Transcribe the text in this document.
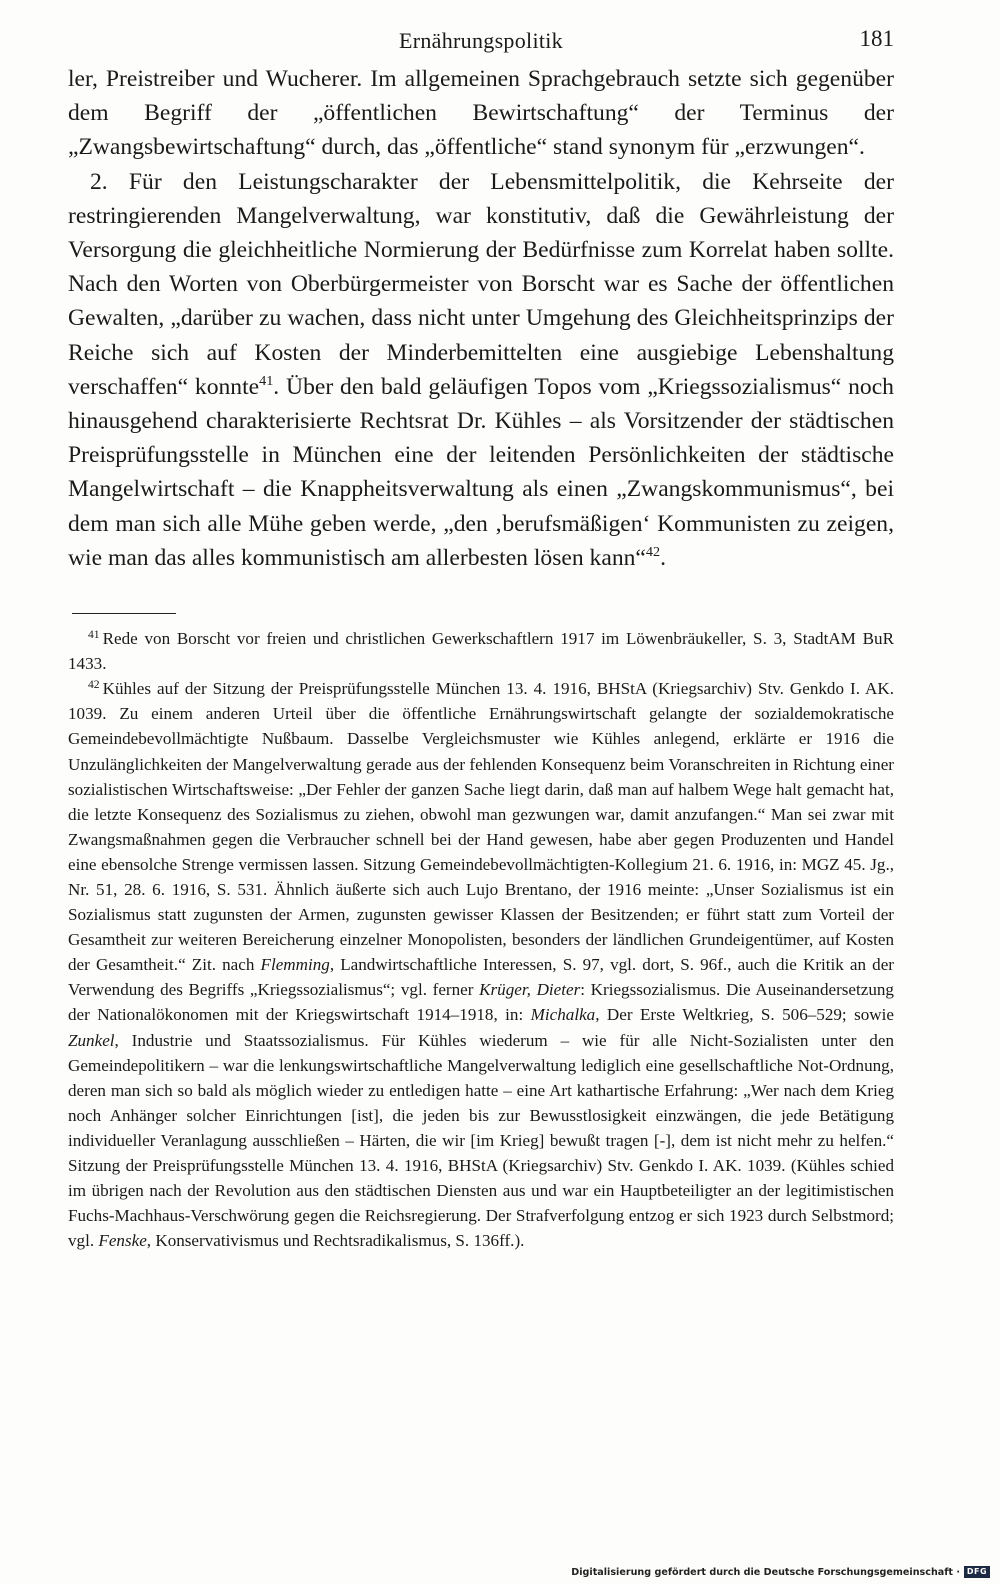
Ernährungspolitik	181

ler, Preistreiber und Wucherer. Im allgemeinen Sprachgebrauch setzte sich gegenüber dem Begriff der „öffentlichen Bewirtschaftung“ der Terminus der „Zwangsbewirtschaftung“ durch, das „öffentliche“ stand synonym für „erzwungen“.

2. Für den Leistungscharakter der Lebensmittelpolitik, die Kehrseite der restringierenden Mangelverwaltung, war konstitutiv, daß die Gewährleistung der Versorgung die gleichheitliche Normierung der Bedürfnisse zum Korrelat haben sollte. Nach den Worten von Oberbürgermeister von Borscht war es Sache der öffentlichen Gewalten, „darüber zu wachen, dass nicht unter Umgehung des Gleichheitsprinzips der Reiche sich auf Kosten der Minderbemittelten eine ausgiebige Lebenshaltung verschaffen“ konnte$^{41}$. Über den bald geläufigen Topos vom „Kriegssozialismus“ noch hinausgehend charakterisierte Rechtsrat Dr. Kühles – als Vorsitzender der städtischen Preisprüfungsstelle in München eine der leitenden Persönlichkeiten der städtische Mangelwirtschaft – die Knappheitsverwaltung als einen „Zwangskommunismus“, bei dem man sich alle Mühe geben werde, „den ‚berufsmäßigen‘ Kommunisten zu zeigen, wie man das alles kommunistisch am allerbesten lösen kann“$^{42}$.

$^{41}$ Rede von Borscht vor freien und christlichen Gewerkschaftlern 1917 im Löwenbräukeller, S. 3, StadtAM BuR 1433.

$^{42}$ Kühles auf der Sitzung der Preisprüfungsstelle München 13. 4. 1916, BHStA (Kriegsarchiv) Stv. Genkdo I. AK. 1039. Zu einem anderen Urteil über die öffentliche Ernährungswirtschaft gelangte der sozialdemokratische Gemeindebevollmächtigte Nußbaum. Dasselbe Vergleichsmuster wie Kühles anlegend, erklärte er 1916 die Unzulänglichkeiten der Mangelverwaltung gerade aus der fehlenden Konsequenz beim Voranschreiten in Richtung einer sozialistischen Wirtschaftsweise: „Der Fehler der ganzen Sache liegt darin, daß man auf halbem Wege halt gemacht hat, die letzte Konsequenz des Sozialismus zu ziehen, obwohl man gezwungen war, damit anzufangen.“ Man sei zwar mit Zwangsmaßnahmen gegen die Verbraucher schnell bei der Hand gewesen, habe aber gegen Produzenten und Handel eine ebensolche Strenge vermissen lassen. Sitzung Gemeindebevollmächtigten-Kollegium 21. 6. 1916, in: MGZ 45. Jg., Nr. 51, 28. 6. 1916, S. 531. Ähnlich äußerte sich auch Lujo Brentano, der 1916 meinte: „Unser Sozialismus ist ein Sozialismus statt zugunsten der Armen, zugunsten gewisser Klassen der Besitzenden; er führt statt zum Vorteil der Gesamtheit zur weiteren Bereicherung einzelner Monopolisten, besonders der ländlichen Grundeigentümer, auf Kosten der Gesamtheit.“ Zit. nach Flemming, Landwirtschaftliche Interessen, S. 97, vgl. dort, S. 96f., auch die Kritik an der Verwendung des Begriffs „Kriegssozialismus“; vgl. ferner Krüger, Dieter: Kriegssozialismus. Die Auseinandersetzung der Nationalökonomen mit der Kriegswirtschaft 1914–1918, in: Michalka, Der Erste Weltkrieg, S. 506–529; sowie Zunkel, Industrie und Staatssozialismus. Für Kühles wiederum – wie für alle Nicht-Sozialisten unter den Gemeindepolitikern – war die lenkungswirtschaftliche Mangelverwaltung lediglich eine gesellschaftliche Not-Ordnung, deren man sich so bald als möglich wieder zu entledigen hatte – eine Art kathartische Erfahrung: „Wer nach dem Krieg noch Anhänger solcher Einrichtungen [ist], die jeden bis zur Bewusstlosigkeit einzwängen, die jede Betätigung individueller Veranlagung ausschließen – Härten, die wir [im Krieg] bewußt tragen [-], dem ist nicht mehr zu helfen.“ Sitzung der Preisprüfungsstelle München 13. 4. 1916, BHStA (Kriegsarchiv) Stv. Genkdo I. AK. 1039. (Kühles schied im übrigen nach der Revolution aus den städtischen Diensten aus und war ein Hauptbeteiligter an der legitimistischen Fuchs-Machhaus-Verschwörung gegen die Reichsregierung. Der Strafverfolgung entzog er sich 1923 durch Selbstmord; vgl. Fenske, Konservativismus und Rechtsradikalismus, S. 136ff.).

Digitalisierung gefördert durch die Deutsche Forschungsgemeinschaft · DFG
